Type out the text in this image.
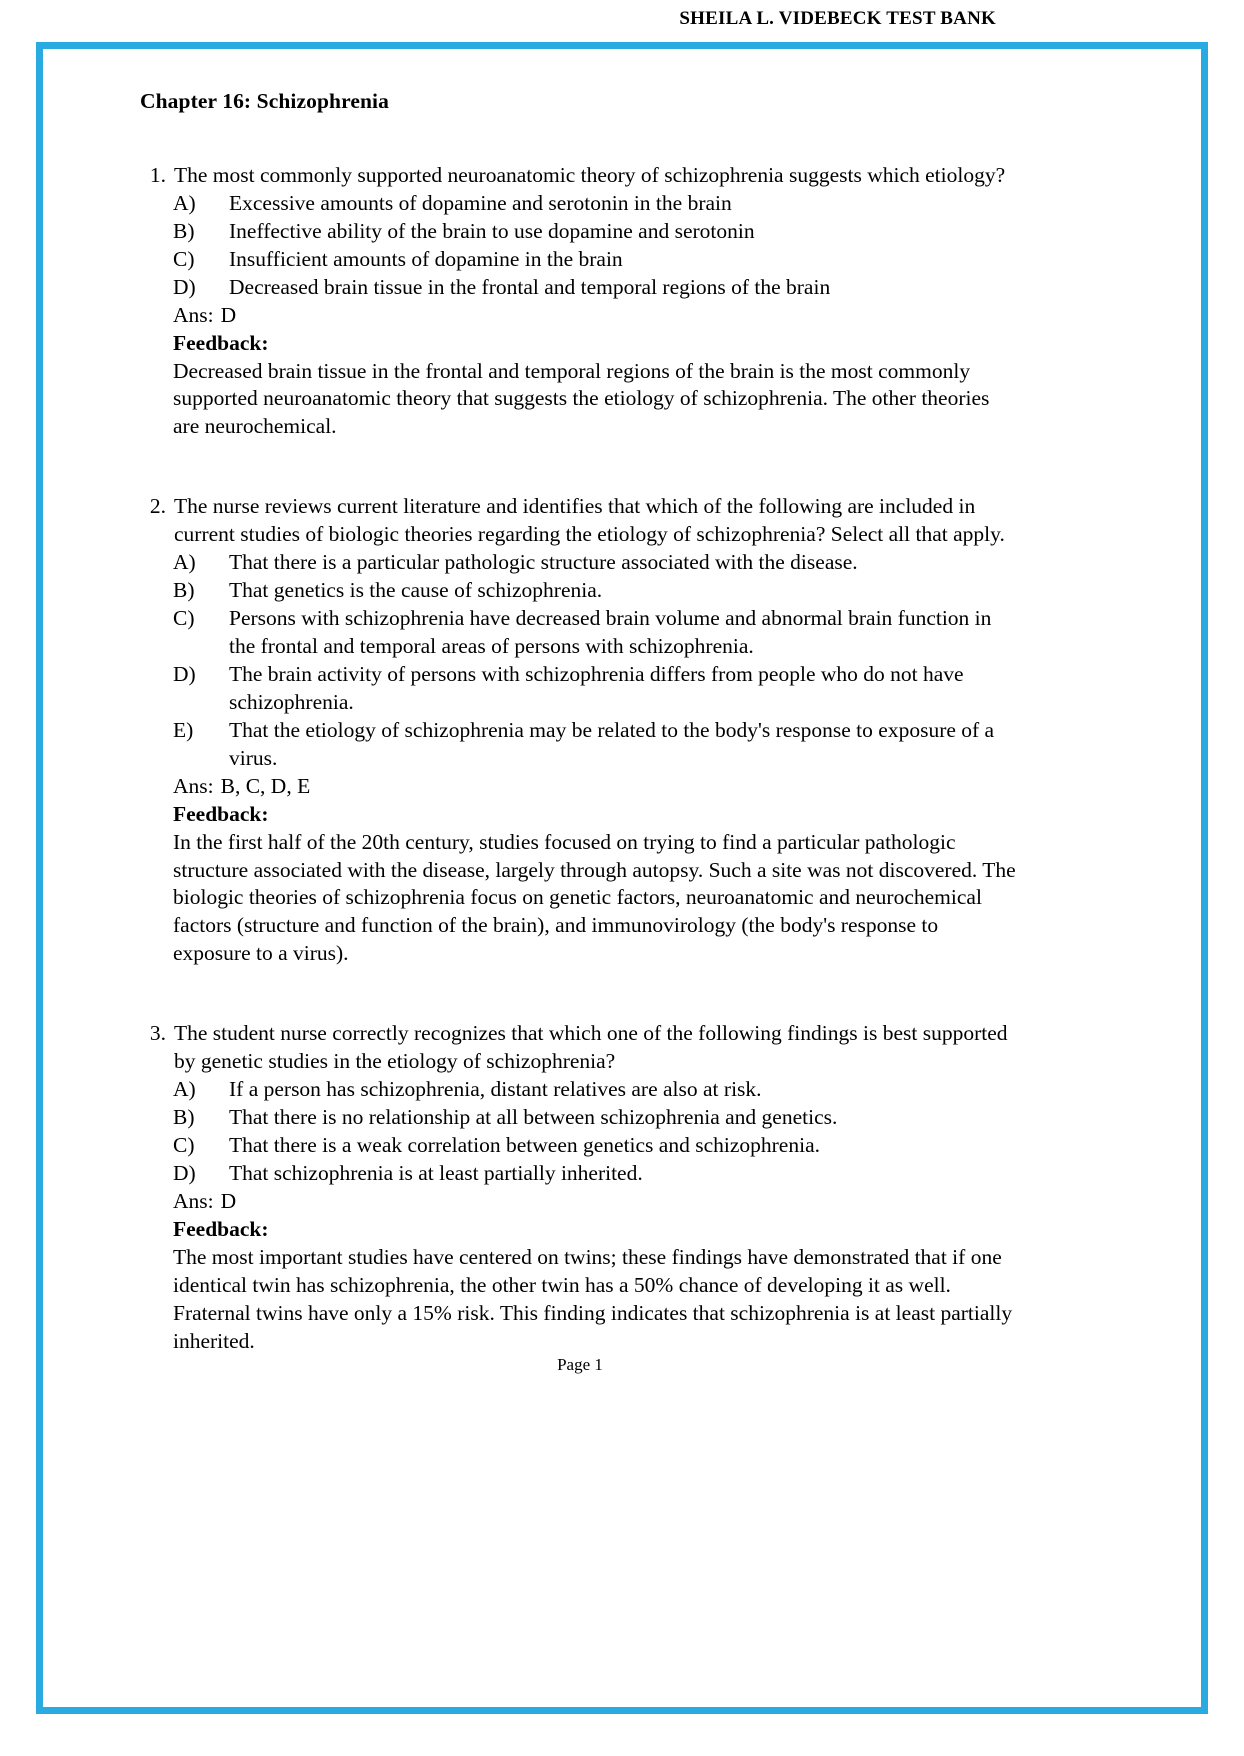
SHEILA L. VIDEBECK TEST BANK
Chapter 16: Schizophrenia
1. The most commonly supported neuroanatomic theory of schizophrenia suggests which etiology?
A) Excessive amounts of dopamine and serotonin in the brain
B) Ineffective ability of the brain to use dopamine and serotonin
C) Insufficient amounts of dopamine in the brain
D) Decreased brain tissue in the frontal and temporal regions of the brain
Ans: D
Feedback:
Decreased brain tissue in the frontal and temporal regions of the brain is the most commonly supported neuroanatomic theory that suggests the etiology of schizophrenia. The other theories are neurochemical.
2. The nurse reviews current literature and identifies that which of the following are included in current studies of biologic theories regarding the etiology of schizophrenia? Select all that apply.
A) That there is a particular pathologic structure associated with the disease.
B) That genetics is the cause of schizophrenia.
C) Persons with schizophrenia have decreased brain volume and abnormal brain function in the frontal and temporal areas of persons with schizophrenia.
D) The brain activity of persons with schizophrenia differs from people who do not have schizophrenia.
E) That the etiology of schizophrenia may be related to the body's response to exposure of a virus.
Ans: B, C, D, E
Feedback:
In the first half of the 20th century, studies focused on trying to find a particular pathologic structure associated with the disease, largely through autopsy. Such a site was not discovered. The biologic theories of schizophrenia focus on genetic factors, neuroanatomic and neurochemical factors (structure and function of the brain), and immunovirology (the body's response to exposure to a virus).
3. The student nurse correctly recognizes that which one of the following findings is best supported by genetic studies in the etiology of schizophrenia?
A) If a person has schizophrenia, distant relatives are also at risk.
B) That there is no relationship at all between schizophrenia and genetics.
C) That there is a weak correlation between genetics and schizophrenia.
D) That schizophrenia is at least partially inherited.
Ans: D
Feedback:
The most important studies have centered on twins; these findings have demonstrated that if one identical twin has schizophrenia, the other twin has a 50% chance of developing it as well. Fraternal twins have only a 15% risk. This finding indicates that schizophrenia is at least partially inherited.
Page 1
